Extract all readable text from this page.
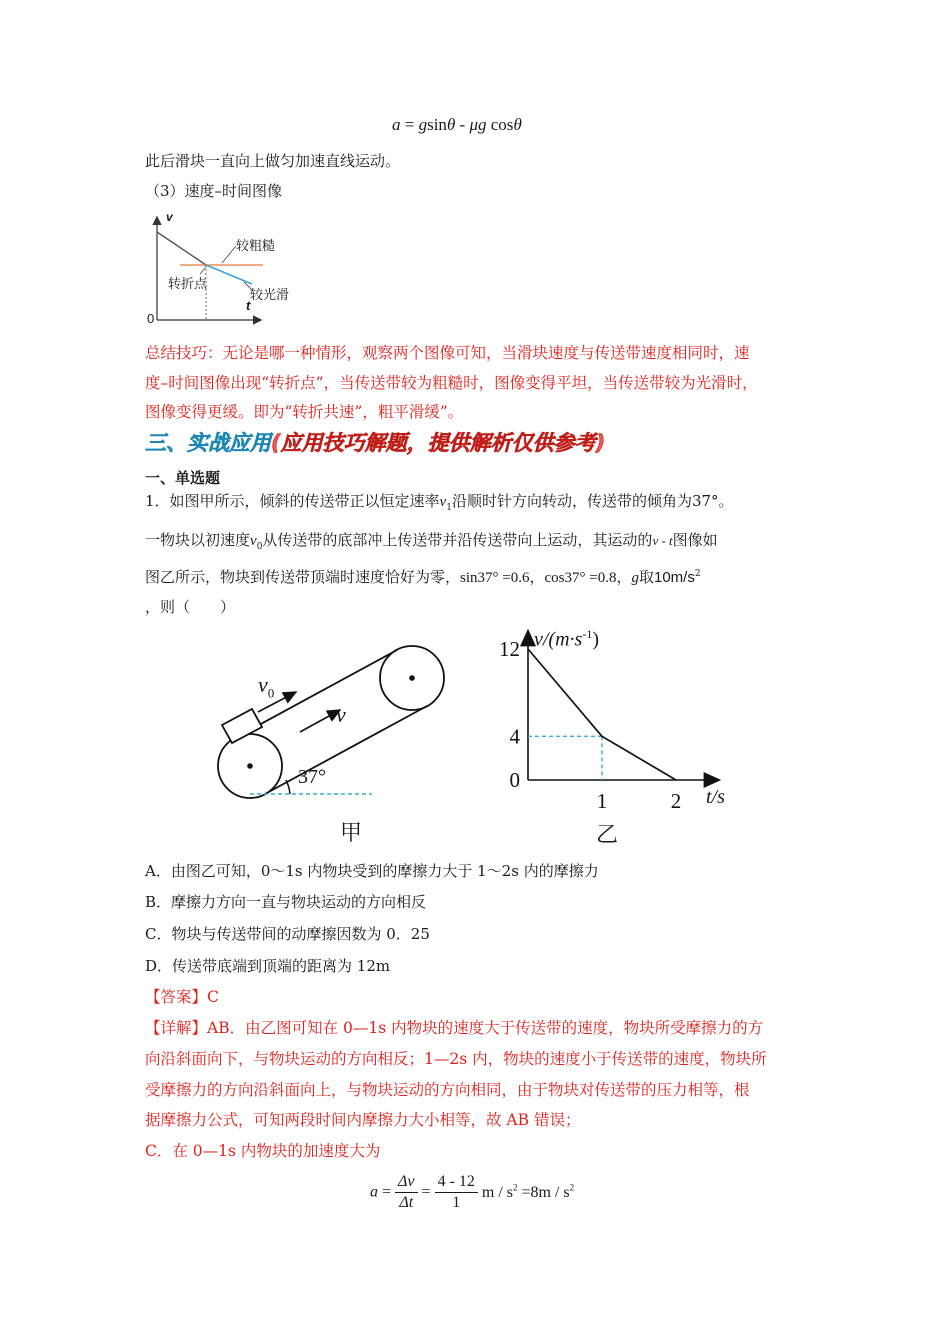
a = gsinθ - μg cosθ
此后滑块一直向上做匀加速直线运动。
（3）速度–时间图像
v
0
t
较粗糙
转折点
较光滑
总结技巧：无论是哪一种情形，观察两个图像可知，当滑块速度与传送带速度相同时，速
度–时间图像出现“转折点”，当传送带较为粗糙时，图像变得平坦，当传送带较为光滑时，
图像变得更缓。即为“转折共速”，粗平滑缓”。
三、实战应用(应用技巧解题，提供解析仅供参考)
一、单选题
1．如图甲所示，倾斜的传送带正以恒定速率$v_1$沿顺时针方向转动，传送带的倾角为37°。
一物块以初速度$v_0$从传送带的底部冲上传送带并沿传送带向上运动，其运动的v - t图像如
图乙所示，物块到传送带顶端时速度恰好为零，sin37° =0.6，cos37° =0.8，g取$10m/s^2$
，则（　　）
$v_0$
v
37°
甲
0
4
12
1	2
$v/(m\cdot s^{-1})$
t/s
乙
A．由图乙可知，0～1s 内物块受到的摩擦力大于 1～2s 内的摩擦力
B．摩擦力方向一直与物块运动的方向相反
C．物块与传送带间的动摩擦因数为 0．25
D．传送带底端到顶端的距离为 12m
【答案】C
【详解】AB．由乙图可知在 0—1s 内物块的速度大于传送带的速度，物块所受摩擦力的方
向沿斜面向下，与物块运动的方向相反；1—2s 内，物块的速度小于传送带的速度，物块所
受摩擦力的方向沿斜面向上，与物块运动的方向相同，由于物块对传送带的压力相等，根
据摩擦力公式，可知两段时间内摩擦力大小相等，故 AB 错误；
C．在 0—1s 内物块的加速度大为
$a = \frac{\Delta v}{\Delta t} = \frac{4 - 12}{1}$ $m / s^2 =8m / s^2$
